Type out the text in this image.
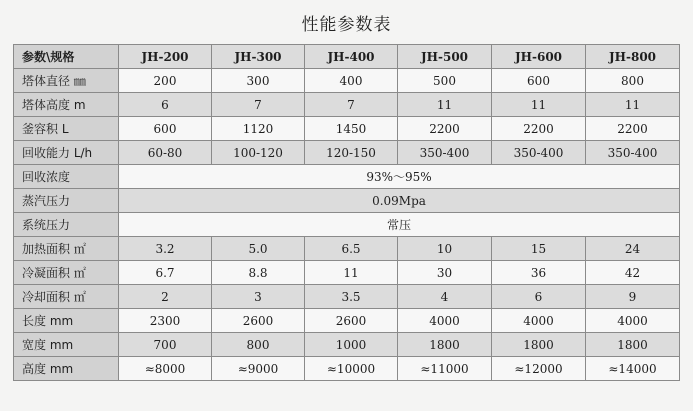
性能参数表
参数\规格	JH-200	JH-300	JH-400	JH-500	JH-600	JH-800
塔体直径 ㎜	200	300	400	500	600	800
塔体高度 m	6	7	7	11	11	11
釜容积 L	600	1120	1450	2200	2200	2200
回收能力 L/h	60-80	100-120	120-150	350-400	350-400	350-400
回收浓度	93%～95%					
蒸汽压力	0.09Mpa					
系统压力	常压					
加热面积 ㎡	3.2	5.0	6.5	10	15	24
冷凝面积 ㎡	6.7	8.8	11	30	36	42
冷却面积 ㎡	2	3	3.5	4	6	9
长度 mm	2300	2600	2600	4000	4000	4000
宽度 mm	700	800	1000	1800	1800	1800
高度 mm	≈8000	≈9000	≈10000	≈11000	≈12000	≈14000
